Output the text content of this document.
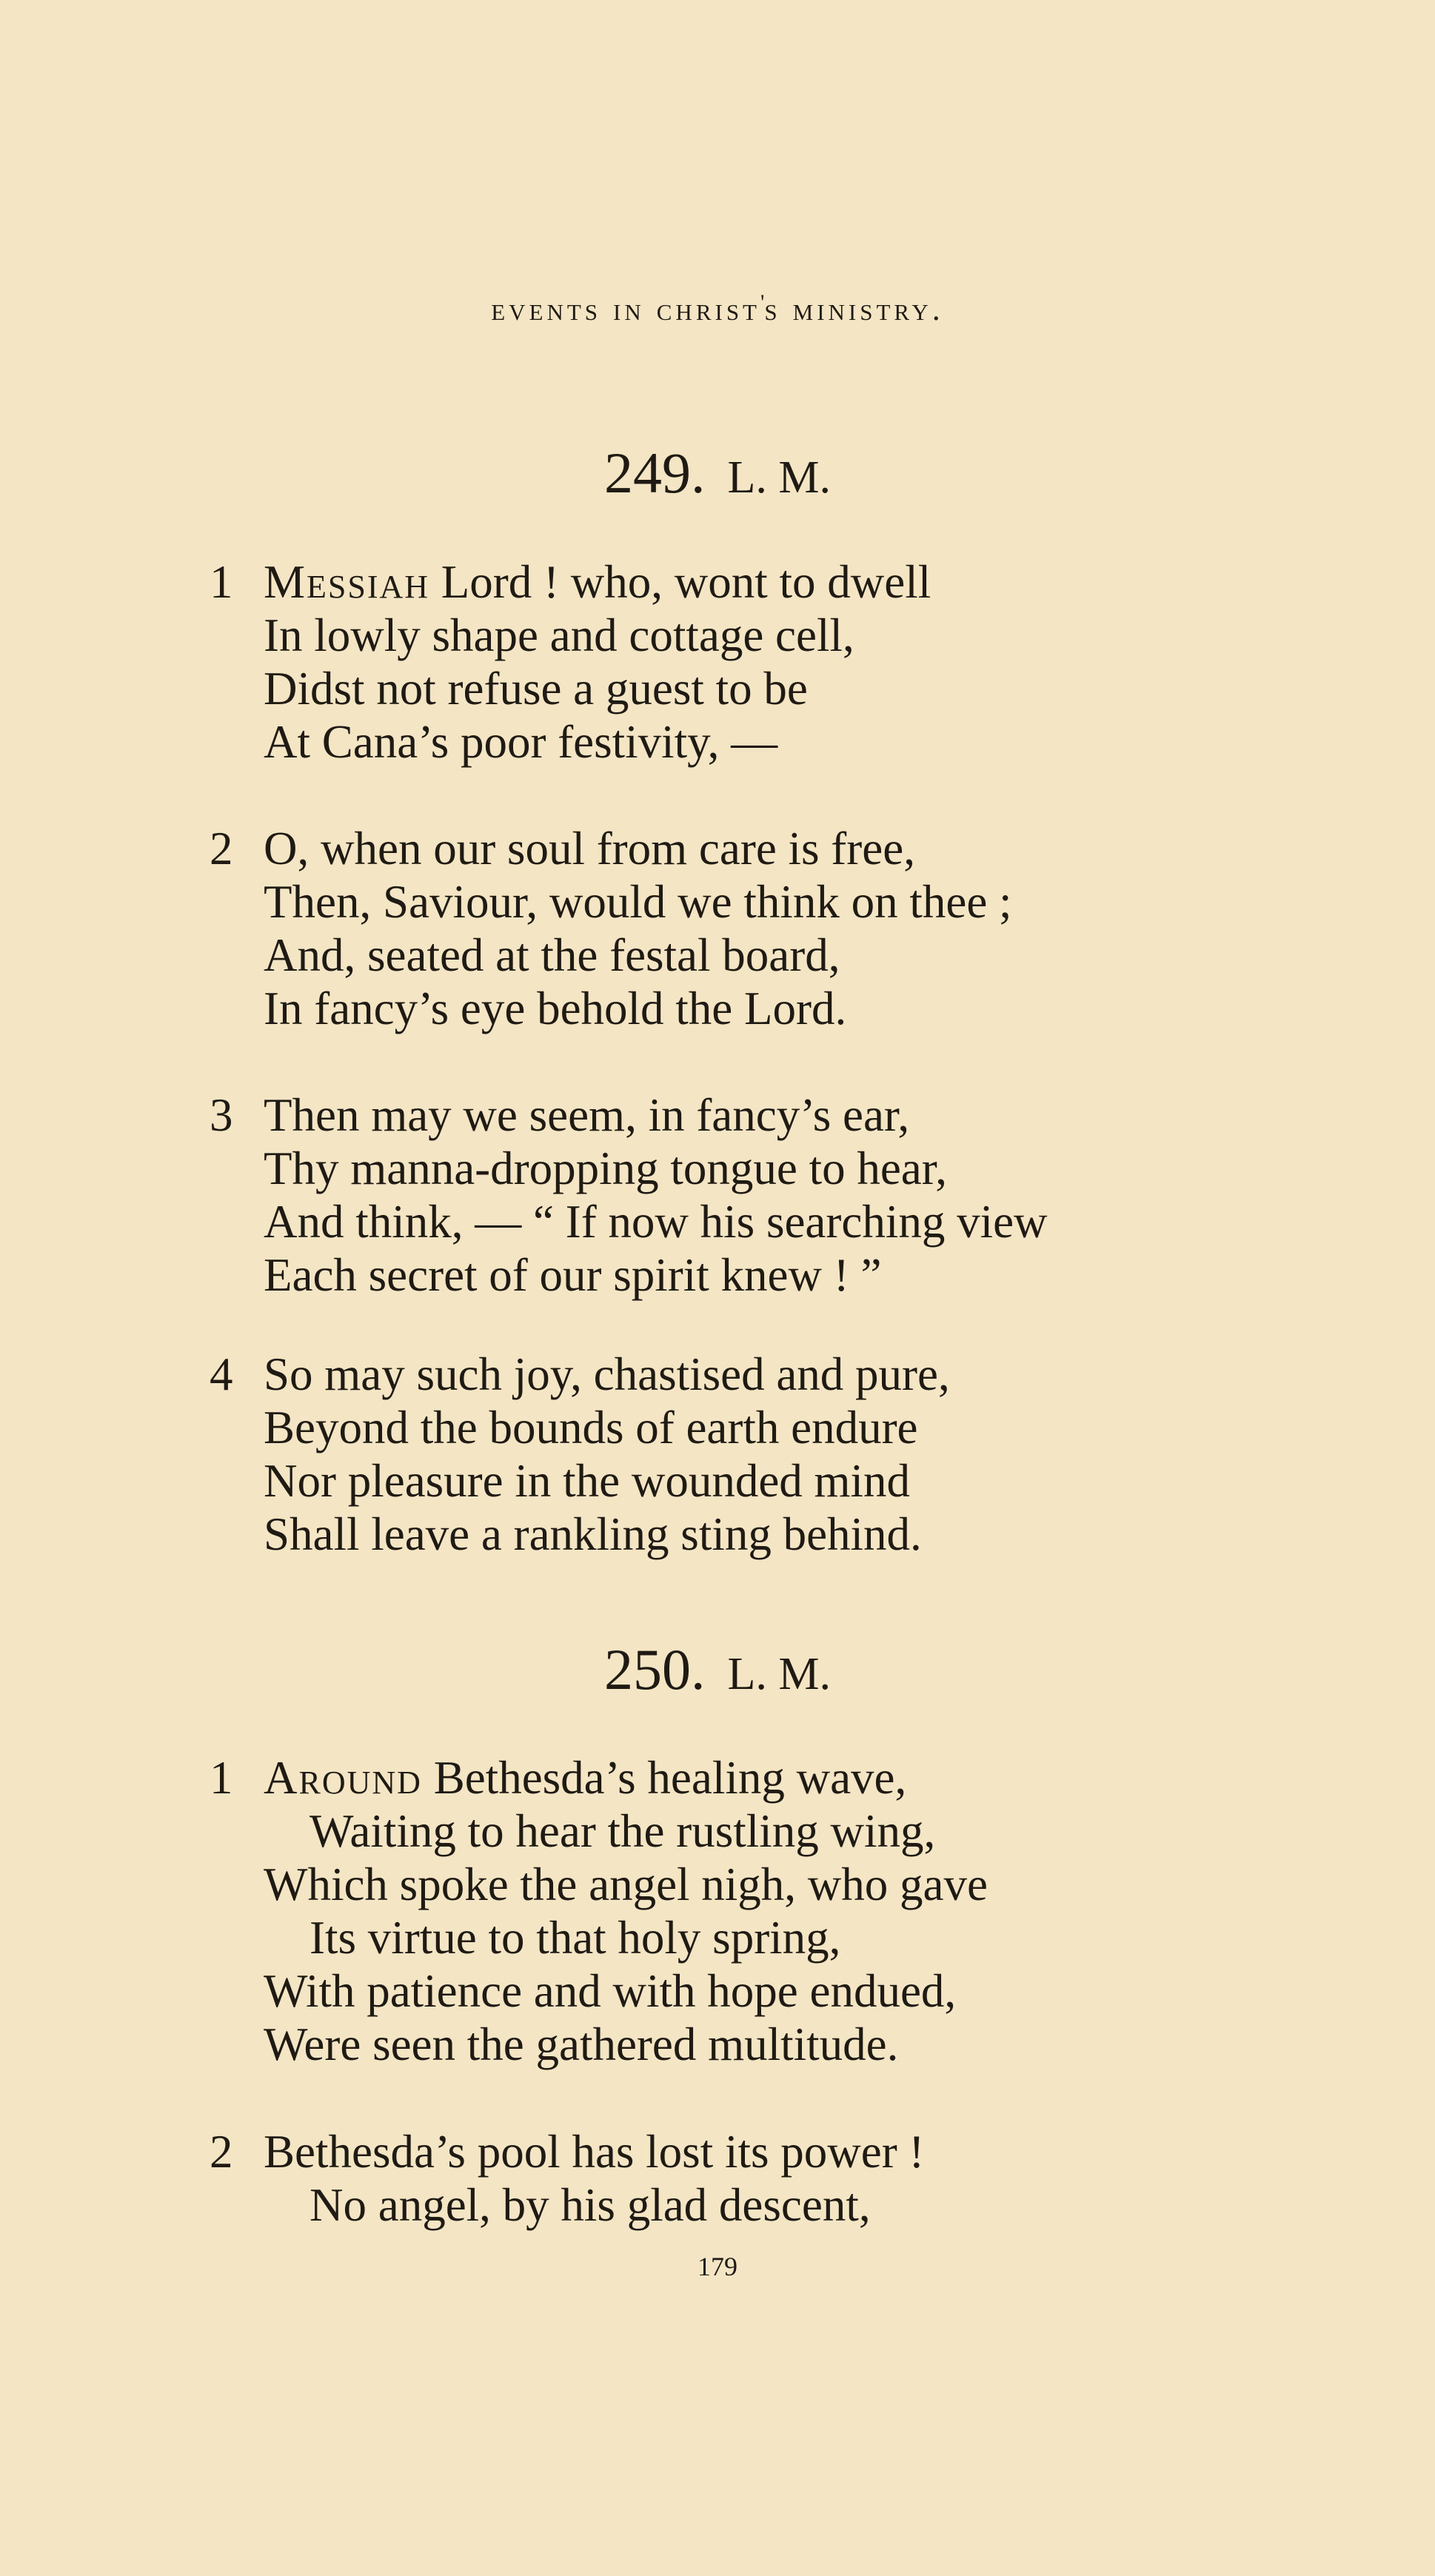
events in christ's ministry.
249. L. M.
1 Messiah Lord ! who, wont to dwell
In lowly shape and cottage cell,
Didst not refuse a guest to be
At Cana’s poor festivity, —
2 O, when our soul from care is free,
Then, Saviour, would we think on thee ;
And, seated at the festal board,
In fancy’s eye behold the Lord.
3 Then may we seem, in fancy’s ear,
Thy manna-dropping tongue to hear,
And think, — “ If now his searching view
Each secret of our spirit knew ! ”
4 So may such joy, chastised and pure,
Beyond the bounds of earth endure
Nor pleasure in the wounded mind
Shall leave a rankling sting behind.
250. L. M.
1 Around Bethesda’s healing wave,
Waiting to hear the rustling wing,
Which spoke the angel nigh, who gave
Its virtue to that holy spring,
With patience and with hope endued,
Were seen the gathered multitude.
2 Bethesda’s pool has lost its power !
No angel, by his glad descent,
179
